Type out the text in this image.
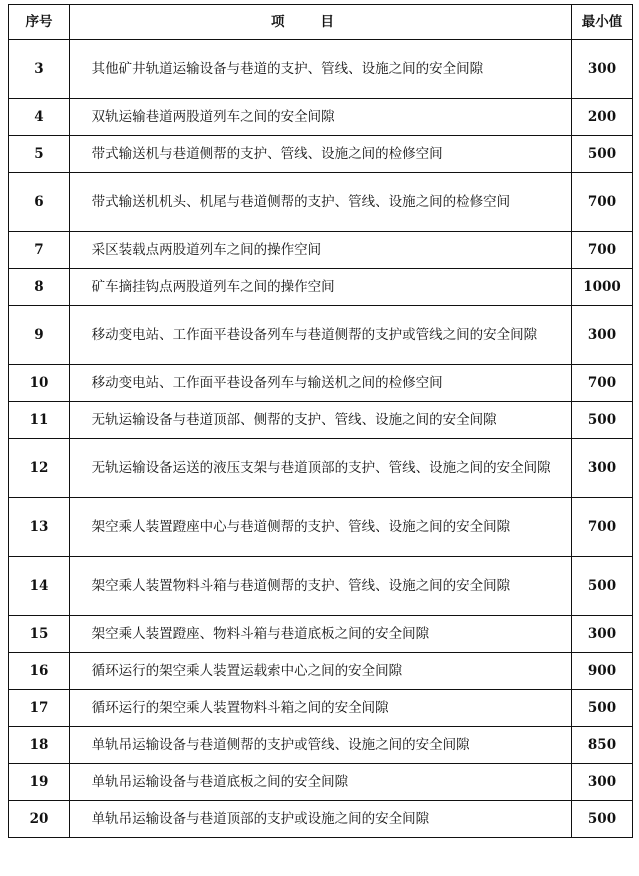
序号	项目	最小值
3	其他矿井轨道运输设备与巷道的支护、管线、设施之间的安全间隙	300
4	双轨运输巷道两股道列车之间的安全间隙	200
5	带式输送机与巷道侧帮的支护、管线、设施之间的检修空间	500
6	带式输送机机头、机尾与巷道侧帮的支护、管线、设施之间的检修空间	700
7	采区装载点两股道列车之间的操作空间	700
8	矿车摘挂钩点两股道列车之间的操作空间	1000
9	移动变电站、工作面平巷设备列车与巷道侧帮的支护或管线之间的安全间隙	300
10	移动变电站、工作面平巷设备列车与输送机之间的检修空间	700
11	无轨运输设备与巷道顶部、侧帮的支护、管线、设施之间的安全间隙	500
12	无轨运输设备运送的液压支架与巷道顶部的支护、管线、设施之间的安全间隙	300
13	架空乘人装置蹬座中心与巷道侧帮的支护、管线、设施之间的安全间隙	700
14	架空乘人装置物料斗箱与巷道侧帮的支护、管线、设施之间的安全间隙	500
15	架空乘人装置蹬座、物料斗箱与巷道底板之间的安全间隙	300
16	循环运行的架空乘人装置运载索中心之间的安全间隙	900
17	循环运行的架空乘人装置物料斗箱之间的安全间隙	500
18	单轨吊运输设备与巷道侧帮的支护或管线、设施之间的安全间隙	850
19	单轨吊运输设备与巷道底板之间的安全间隙	300
20	单轨吊运输设备与巷道顶部的支护或设施之间的安全间隙	500
